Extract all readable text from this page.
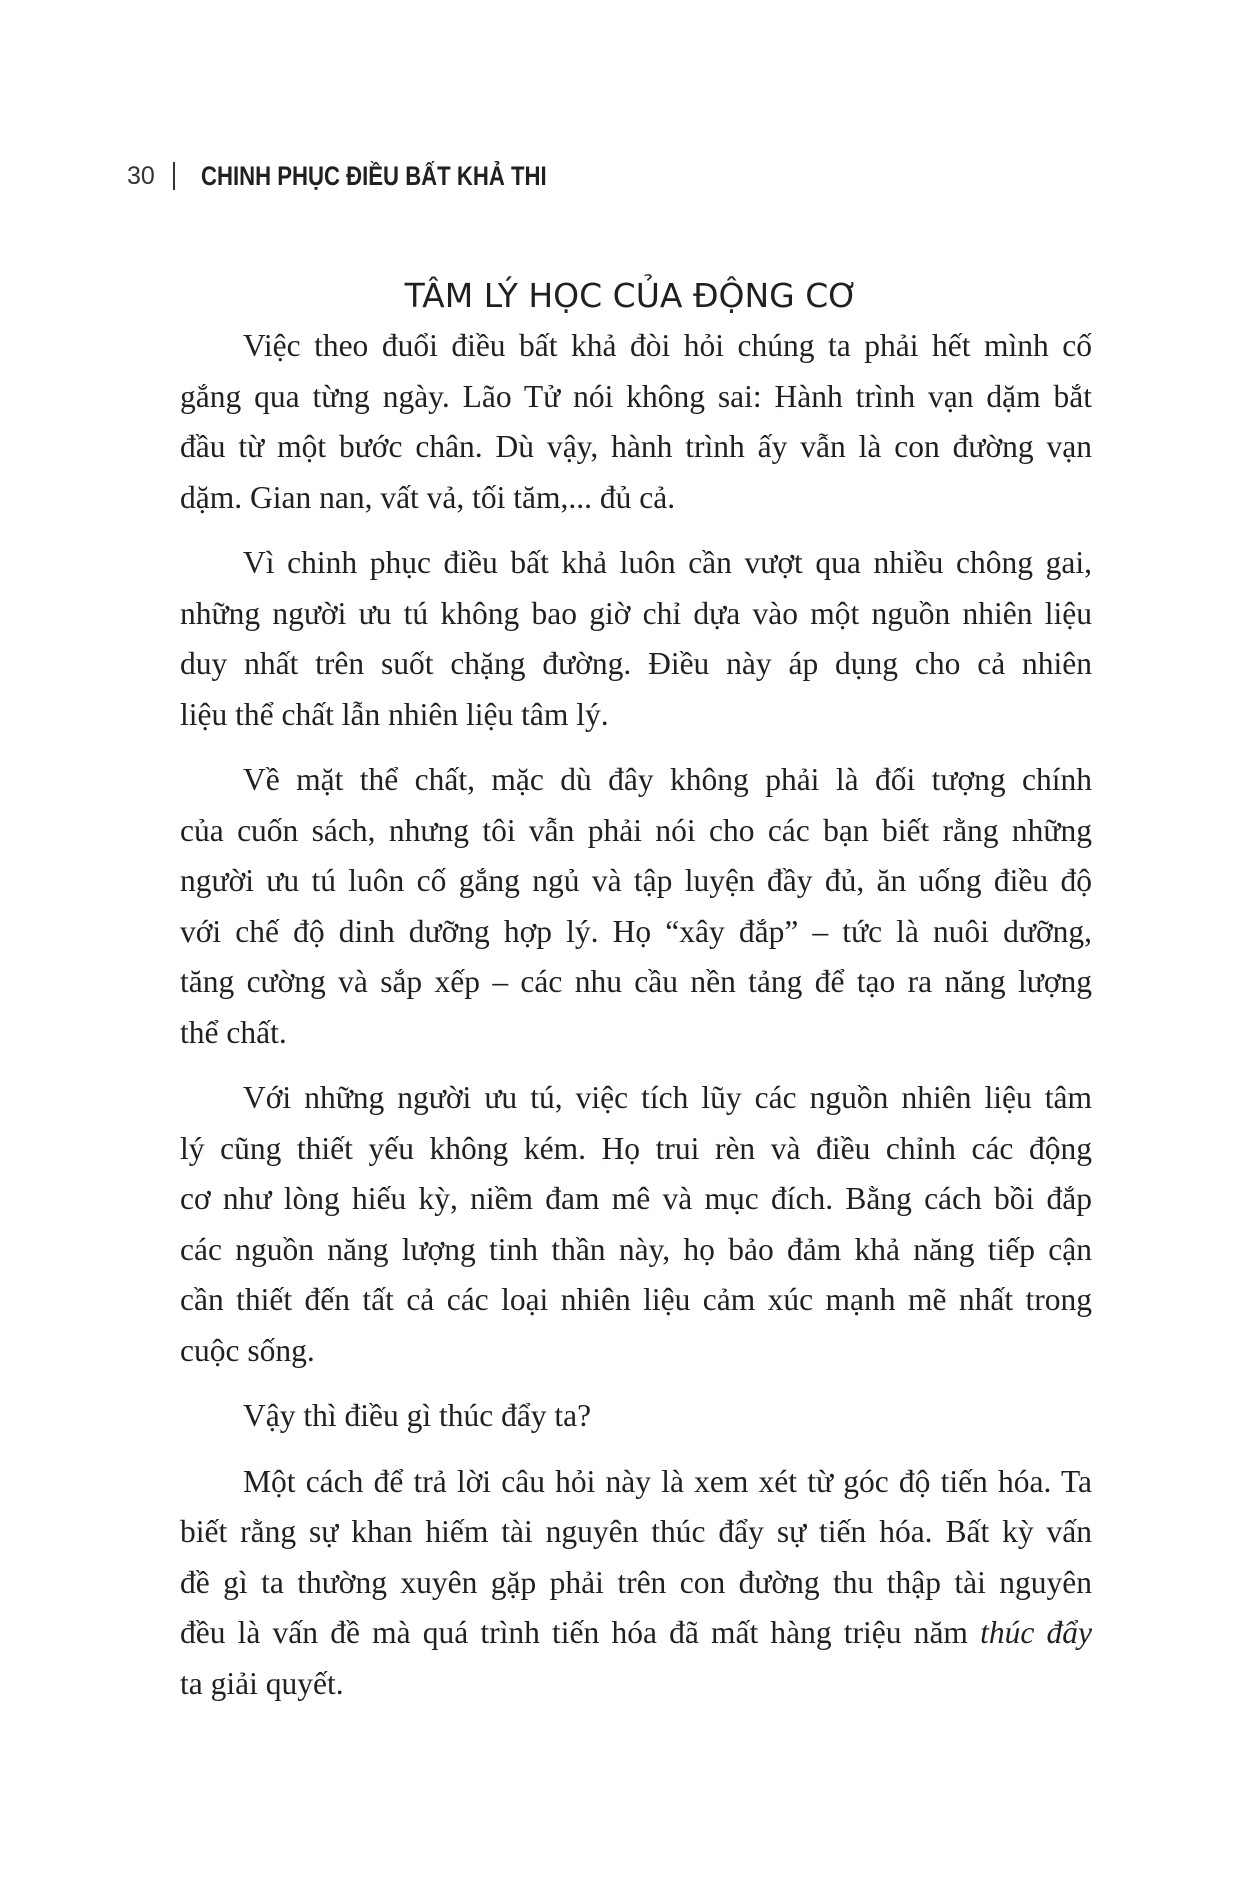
30 CHINH PHỤC ĐIỀU BẤT KHẢ THI
TÂM LÝ HỌC CỦA ĐỘNG CƠ

Việc theo đuổi điều bất khả đòi hỏi chúng ta phải hết mình cố
gắng qua từng ngày. Lão Tử nói không sai: Hành trình vạn dặm bắt
đầu từ một bước chân. Dù vậy, hành trình ấy vẫn là con đường vạn
dặm. Gian nan, vất vả, tối tăm,... đủ cả.

Vì chinh phục điều bất khả luôn cần vượt qua nhiều chông gai,
những người ưu tú không bao giờ chỉ dựa vào một nguồn nhiên liệu
duy nhất trên suốt chặng đường. Điều này áp dụng cho cả nhiên
liệu thể chất lẫn nhiên liệu tâm lý.

Về mặt thể chất, mặc dù đây không phải là đối tượng chính
của cuốn sách, nhưng tôi vẫn phải nói cho các bạn biết rằng những
người ưu tú luôn cố gắng ngủ và tập luyện đầy đủ, ăn uống điều độ
với chế độ dinh dưỡng hợp lý. Họ “xây đắp” – tức là nuôi dưỡng,
tăng cường và sắp xếp – các nhu cầu nền tảng để tạo ra năng lượng
thể chất.

Với những người ưu tú, việc tích lũy các nguồn nhiên liệu tâm
lý cũng thiết yếu không kém. Họ trui rèn và điều chỉnh các động
cơ như lòng hiếu kỳ, niềm đam mê và mục đích. Bằng cách bồi đắp
các nguồn năng lượng tinh thần này, họ bảo đảm khả năng tiếp cận
cần thiết đến tất cả các loại nhiên liệu cảm xúc mạnh mẽ nhất trong
cuộc sống.

Vậy thì điều gì thúc đẩy ta?

Một cách để trả lời câu hỏi này là xem xét từ góc độ tiến hóa. Ta
biết rằng sự khan hiếm tài nguyên thúc đẩy sự tiến hóa. Bất kỳ vấn
đề gì ta thường xuyên gặp phải trên con đường thu thập tài nguyên
đều là vấn đề mà quá trình tiến hóa đã mất hàng triệu năm thúc đẩy
ta giải quyết.
